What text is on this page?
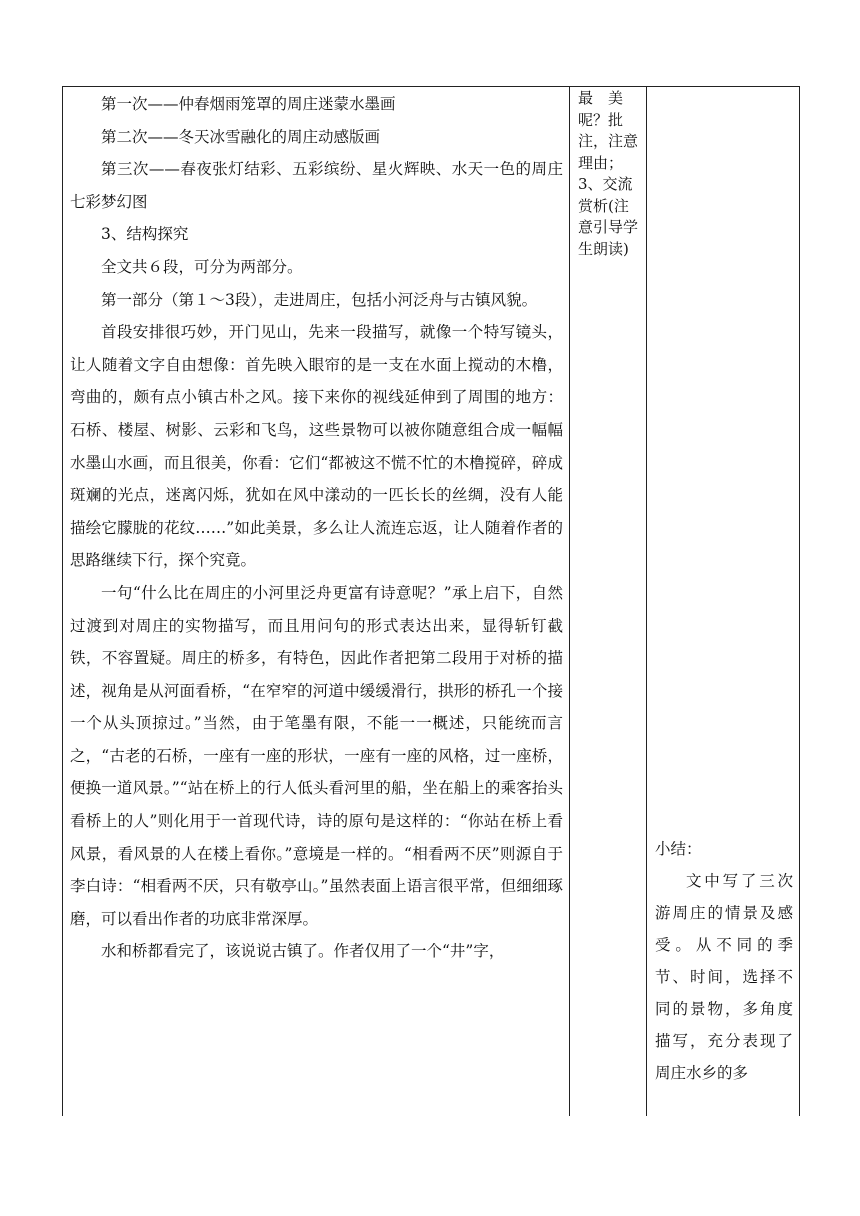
第一次——仲春烟雨笼罩的周庄迷蒙水墨画

第二次——冬天冰雪融化的周庄动感版画

第三次——春夜张灯结彩、五彩缤纷、星火辉映、水天一色的周庄七彩梦幻图

3、结构探究

全文共６段，可分为两部分。

第一部分（第１～3段），走进周庄，包括小河泛舟与古镇风貌。

首段安排很巧妙，开门见山，先来一段描写，就像一个特写镜头，让人随着文字自由想像：首先映入眼帘的是一支在水面上搅动的木橹，弯曲的，颇有点小镇古朴之风。接下来你的视线延伸到了周围的地方：石桥、楼屋、树影、云彩和飞鸟，这些景物可以被你随意组合成一幅幅水墨山水画，而且很美，你看：它们“都被这不慌不忙的木橹搅碎，碎成斑斓的光点，迷离闪烁，犹如在风中漾动的一匹长长的丝绸，没有人能描绘它朦胧的花纹……”如此美景，多么让人流连忘返，让人随着作者的思路继续下行，探个究竟。

一句“什么比在周庄的小河里泛舟更富有诗意呢？”承上启下，自然过渡到对周庄的实物描写，而且用问句的形式表达出来，显得斩钉截铁，不容置疑。周庄的桥多，有特色，因此作者把第二段用于对桥的描述，视角是从河面看桥，“在窄窄的河道中缓缓滑行，拱形的桥孔一个接一个从头顶掠过。”当然，由于笔墨有限，不能一一概述，只能统而言之，“古老的石桥，一座有一座的形状，一座有一座的风格，过一座桥，便换一道风景。”“站在桥上的行人低头看河里的船，坐在船上的乘客抬头看桥上的人”则化用于一首现代诗，诗的原句是这样的：“你站在桥上看风景，看风景的人在楼上看你。”意境是一样的。“相看两不厌”则源自于李白诗：“相看两不厌，只有敬亭山。”虽然表面上语言很平常，但细细琢磨，可以看出作者的功底非常深厚。

水和桥都看完了，该说说古镇了。作者仅用了一个“井”字，

最　美呢？批注，注意理由；3、交流赏析(注意引导学生朗读)

小结：

文中写了三次游周庄的情景及感受。从不同的季节、时间，选择不同的景物，多角度描写，充分表现了周庄水乡的多
